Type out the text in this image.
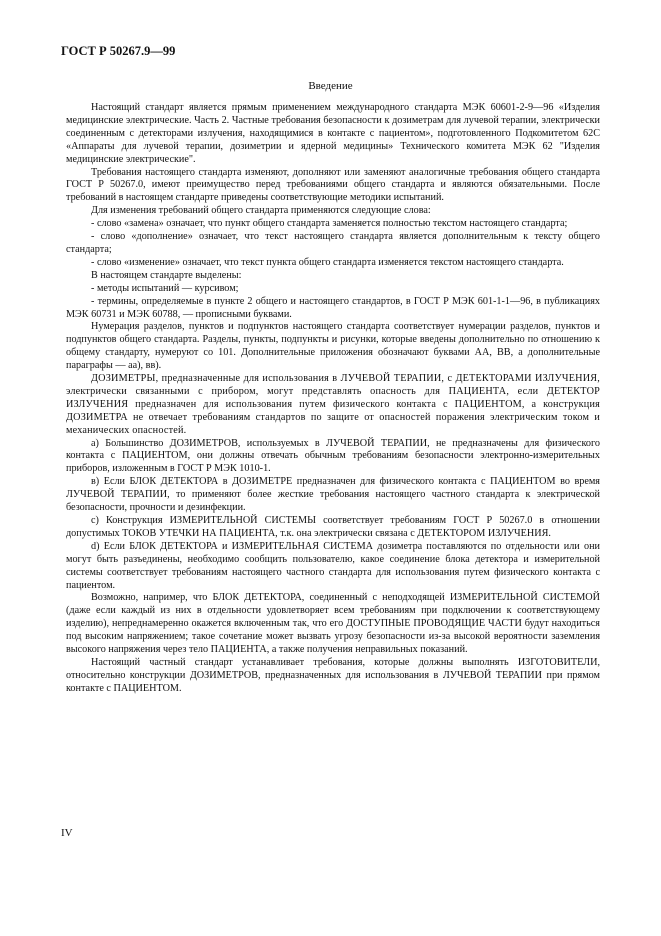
ГОСТ Р 50267.9—99
Введение

Настоящий стандарт является прямым применением международного стандарта МЭК 60601-2-9—96 «Изделия медицинские электрические. Часть 2. Частные требования безопасности к дозиметрам для лучевой терапии, электрически соединенным с детекторами излучения, находящимися в контакте с пациентом», подготовленного Подкомитетом 62С «Аппараты для лучевой терапии, дозиметрии и ядерной медицины» Технического комитета МЭК 62 "Изделия медицинские электрические".

Требования настоящего стандарта изменяют, дополняют или заменяют аналогичные требования общего стандарта ГОСТ Р 50267.0, имеют преимущество перед требованиями общего стандарта и являются обязательными. После требований в настоящем стандарте приведены соответствующие методики испытаний.

Для изменения требований общего стандарта применяются следующие слова:

- слово «замена» означает, что пункт общего стандарта заменяется полностью текстом настоящего стандарта;

- слово «дополнение» означает, что текст настоящего стандарта является дополнительным к тексту общего стандарта;

- слово «изменение» означает, что текст пункта общего стандарта изменяется текстом настоящего стандарта.

В настоящем стандарте выделены:

- методы испытаний — курсивом;

- термины, определяемые в пункте 2 общего и настоящего стандартов, в ГОСТ Р МЭК 601-1-1—96, в публикациях МЭК 60731 и МЭК 60788, — прописными буквами.

Нумерация разделов, пунктов и подпунктов настоящего стандарта соответствует нумерации разделов, пунктов и подпунктов общего стандарта. Разделы, пункты, подпункты и рисунки, которые введены дополнительно по отношению к общему стандарту, нумеруют со 101. Дополнительные приложения обозначают буквами АА, ВВ, а дополнительные параграфы — аа), вв).

ДОЗИМЕТРЫ, предназначенные для использования в ЛУЧЕВОЙ ТЕРАПИИ, с ДЕТЕКТОРАМИ ИЗЛУЧЕНИЯ, электрически связанными с прибором, могут представлять опасность для ПАЦИЕНТА, если ДЕТЕКТОР ИЗЛУЧЕНИЯ предназначен для использования путем физического контакта с ПАЦИЕНТОМ, а конструкция ДОЗИМЕТРА не отвечает требованиям стандартов по защите от опасностей поражения электрическим током и механических опасностей.

а) Большинство ДОЗИМЕТРОВ, используемых в ЛУЧЕВОЙ ТЕРАПИИ, не предназначены для физического контакта с ПАЦИЕНТОМ, они должны отвечать обычным требованиям безопасности электронно-измерительных приборов, изложенным в ГОСТ Р МЭК 1010-1.

в) Если БЛОК ДЕТЕКТОРА в ДОЗИМЕТРЕ предназначен для физического контакта с ПАЦИЕНТОМ во время ЛУЧЕВОЙ ТЕРАПИИ, то применяют более жесткие требования настоящего частного стандарта к электрической безопасности, прочности и дезинфекции.

с) Конструкция ИЗМЕРИТЕЛЬНОЙ СИСТЕМЫ соответствует требованиям ГОСТ Р 50267.0 в отношении допустимых ТОКОВ УТЕЧКИ НА ПАЦИЕНТА, т.к. она электрически связана с ДЕТЕКТОРОМ ИЗЛУЧЕНИЯ.

d) Если БЛОК ДЕТЕКТОРА и ИЗМЕРИТЕЛЬНАЯ СИСТЕМА дозиметра поставляются по отдельности или они могут быть разъединены, необходимо сообщить пользователю, какое соединение блока детектора и измерительной системы соответствует требованиям настоящего частного стандарта для использования путем физического контакта с пациентом.

Возможно, например, что БЛОК ДЕТЕКТОРА, соединенный с неподходящей ИЗМЕРИТЕЛЬНОЙ СИСТЕМОЙ (даже если каждый из них в отдельности удовлетворяет всем требованиям при подключении к соответствующему изделию), непреднамеренно окажется включенным так, что его ДОСТУПНЫЕ ПРОВОДЯЩИЕ ЧАСТИ будут находиться под высоким напряжением; такое сочетание может вызвать угрозу безопасности из-за высокой вероятности заземления высокого напряжения через тело ПАЦИЕНТА, а также получения неправильных показаний.

Настоящий частный стандарт устанавливает требования, которые должны выполнять ИЗГОТОВИТЕЛИ, относительно конструкции ДОЗИМЕТРОВ, предназначенных для использования в ЛУЧЕВОЙ ТЕРАПИИ при прямом контакте с ПАЦИЕНТОМ.

IV
